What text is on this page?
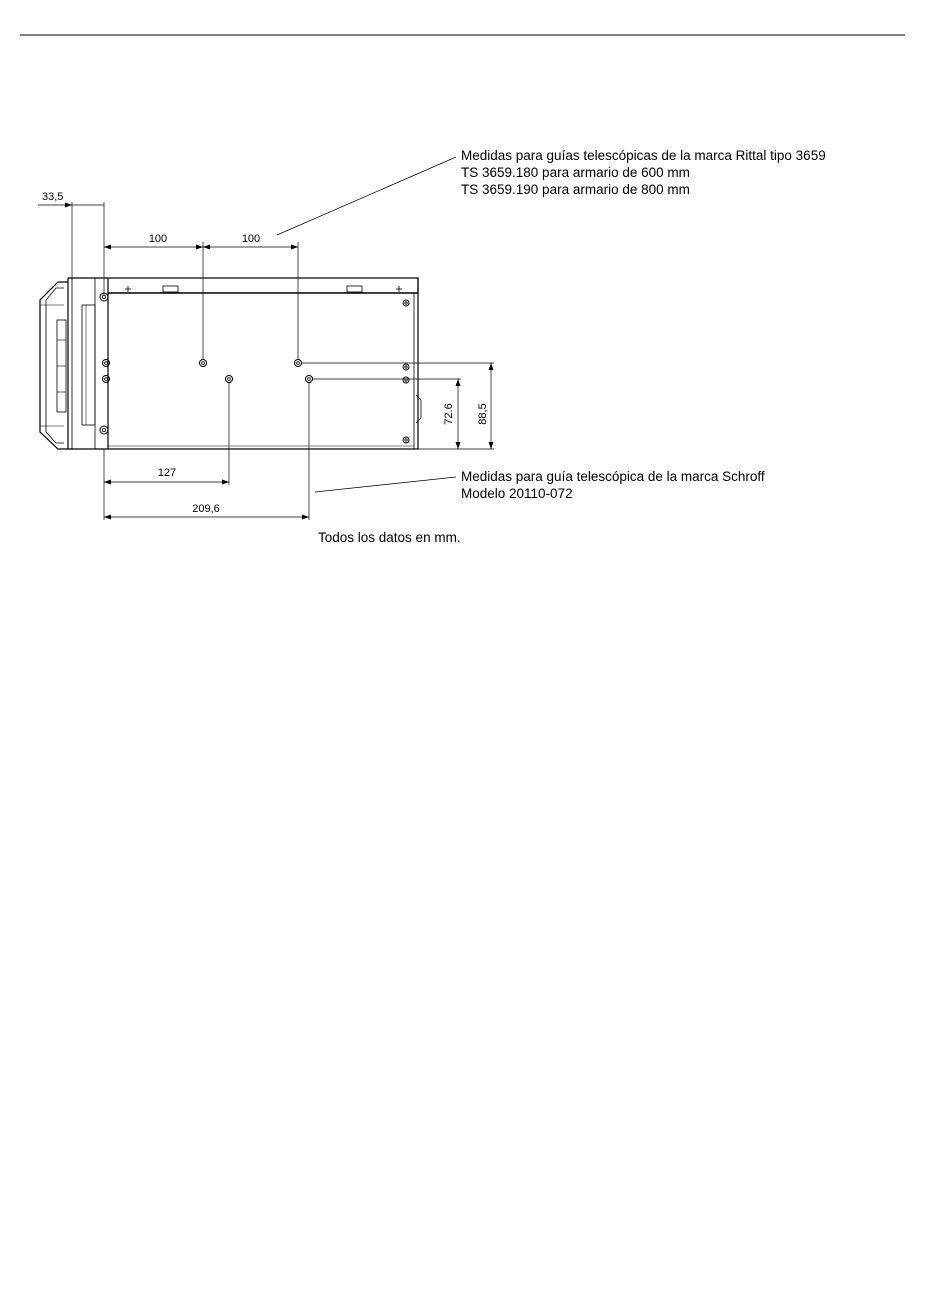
33,5
100	100
127
209,6
72.6 88,5
Medidas para guías telescópicas de la marca Rittal tipo 3659
TS 3659.180 para armario de 600 mm
TS 3659.190 para armario de 800 mm
Medidas para guía telescópica de la marca Schroff
Modelo 20110-072
Todos los datos en mm.
